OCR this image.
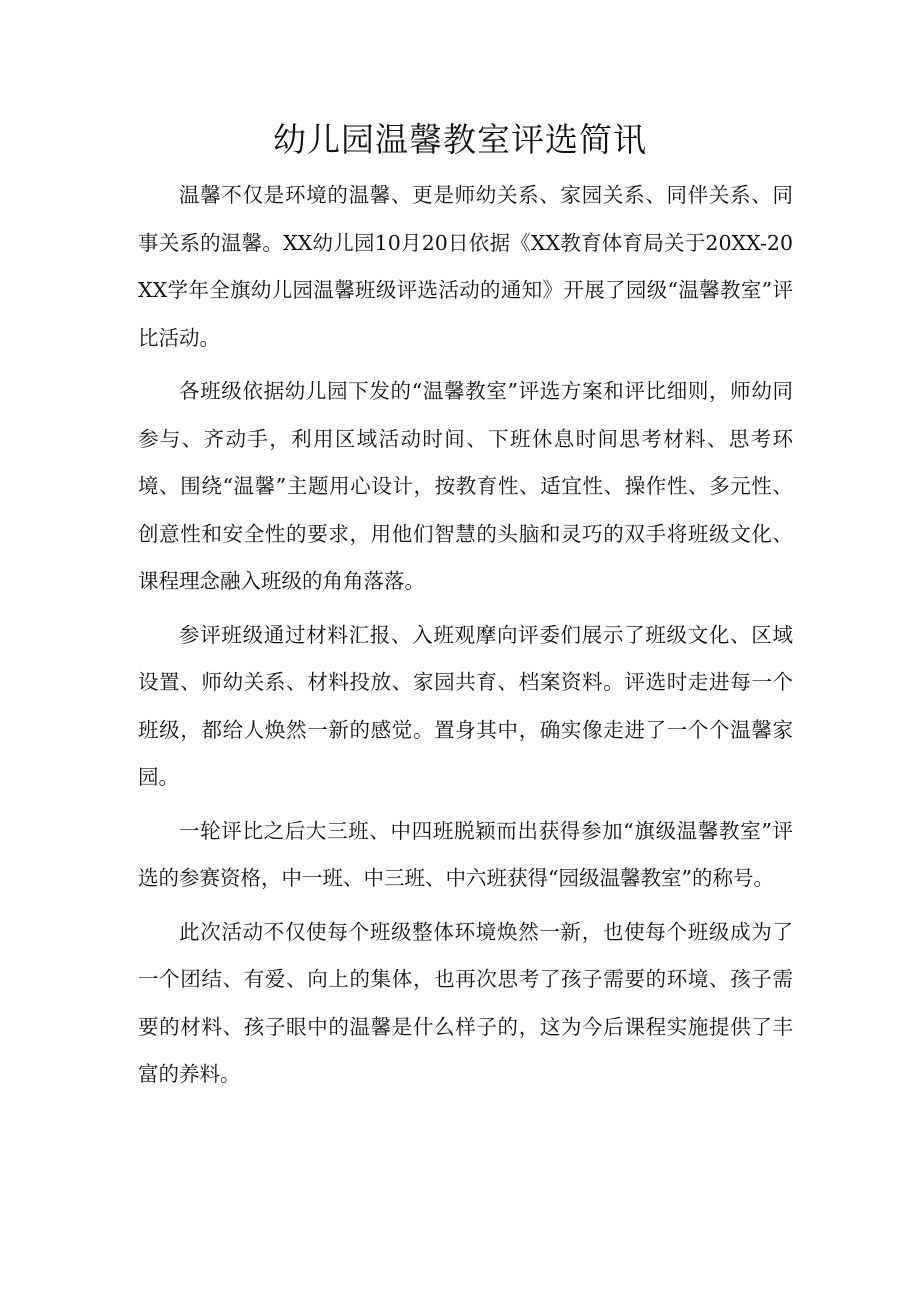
幼儿园温馨教室评选简讯

温馨不仅是环境的温馨、更是师幼关系、家园关系、同伴关系、同事关系的温馨。XX幼儿园10月20日依据《XX教育体育局关于20XX-20XX学年全旗幼儿园温馨班级评选活动的通知》开展了园级“温馨教室”评比活动。

各班级依据幼儿园下发的“温馨教室”评选方案和评比细则，师幼同参与、齐动手，利用区域活动时间、下班休息时间思考材料、思考环境、围绕“温馨”主题用心设计，按教育性、适宜性、操作性、多元性、创意性和安全性的要求，用他们智慧的头脑和灵巧的双手将班级文化、课程理念融入班级的角角落落。

参评班级通过材料汇报、入班观摩向评委们展示了班级文化、区域设置、师幼关系、材料投放、家园共育、档案资料。评选时走进每一个班级，都给人焕然一新的感觉。置身其中，确实像走进了一个个温馨家园。

一轮评比之后大三班、中四班脱颖而出获得参加“旗级温馨教室”评选的参赛资格，中一班、中三班、中六班获得“园级温馨教室”的称号。

此次活动不仅使每个班级整体环境焕然一新，也使每个班级成为了一个团结、有爱、向上的集体，也再次思考了孩子需要的环境、孩子需要的材料、孩子眼中的温馨是什么样子的，这为今后课程实施提供了丰富的养料。
